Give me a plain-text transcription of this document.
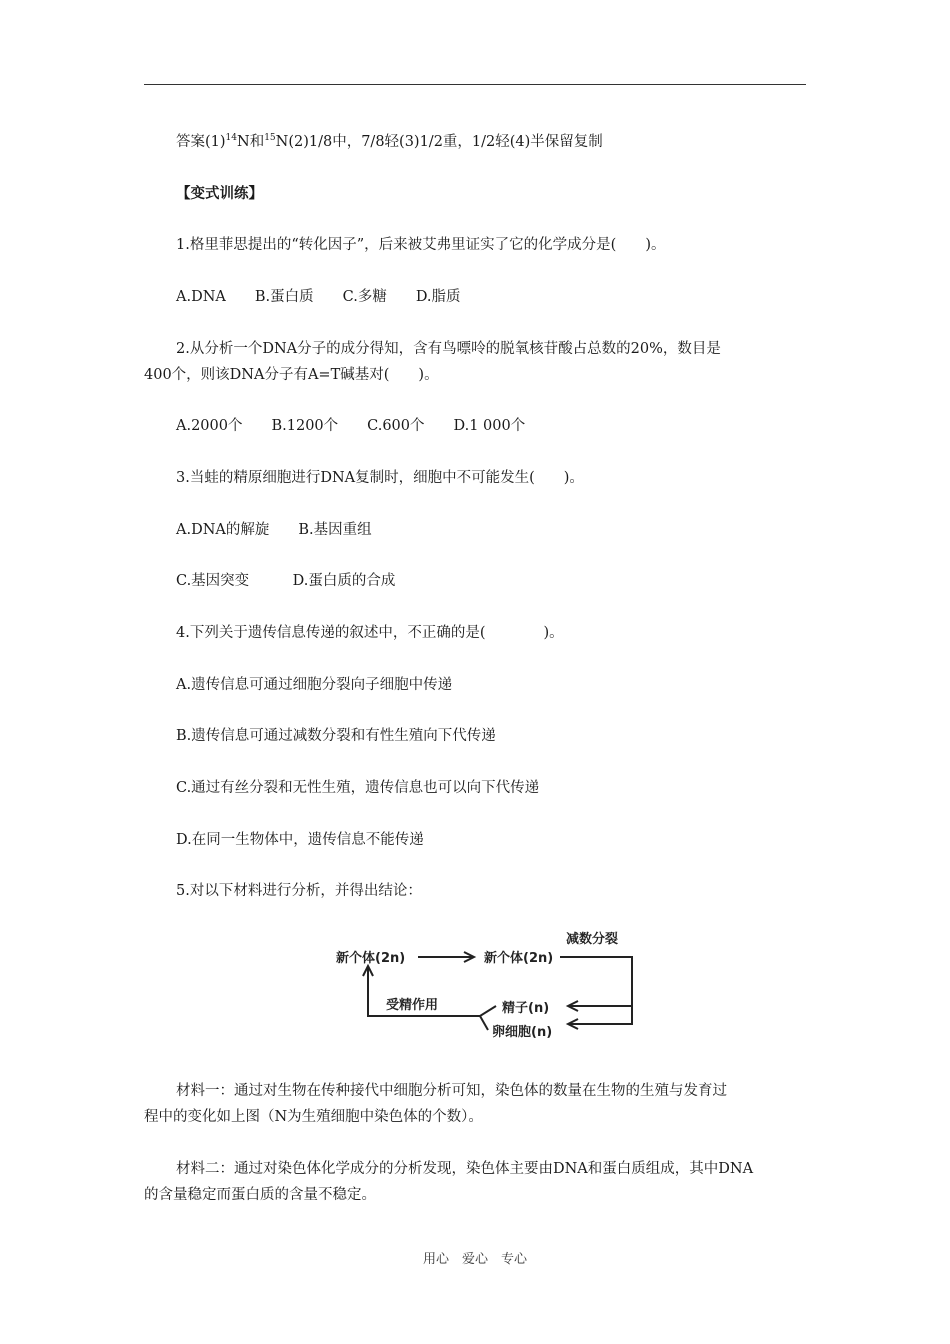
答案$(1)^{14}N$和$^{15}$N(2)1/8中，7/8轻(3)1/2重，1/2轻(4)半保留复制
【变式训练】
1.格里菲思提出的“转化因子”，后来被艾弗里证实了它的化学成分是(　　)。
A.DNA　　B.蛋白质　　C.多糖　　D.脂质
2.从分析一个DNA分子的成分得知，含有鸟嘌呤的脱氧核苷酸占总数的20%，数目是
400个，则该DNA分子有A=T碱基对(　　)。
A.2000个　　B.1200个　　C.600个　　D.1 000个
3.当蛙的精原细胞进行DNA复制时，细胞中不可能发生(　　)。
A.DNA的解旋　　B.基因重组
C.基因突变　　　D.蛋白质的合成
4.下列关于遗传信息传递的叙述中，不正确的是(　　　　)。
A.遗传信息可通过细胞分裂向子细胞中传递
B.遗传信息可通过减数分裂和有性生殖向下代传递
C.通过有丝分裂和无性生殖，遗传信息也可以向下代传递
D.在同一生物体中，遗传信息不能传递
5.对以下材料进行分析，并得出结论：
新个体(2n)	新个体(2n)
减数分裂
受精作用	精子(n)
卵细胞(n)
材料一：通过对生物在传种接代中细胞分析可知，染色体的数量在生物的生殖与发育过
程中的变化如上图（N为生殖细胞中染色体的个数）。
材料二：通过对染色体化学成分的分析发现，染色体主要由DNA和蛋白质组成，其中DNA
的含量稳定而蛋白质的含量不稳定。
用心　爱心　专心
